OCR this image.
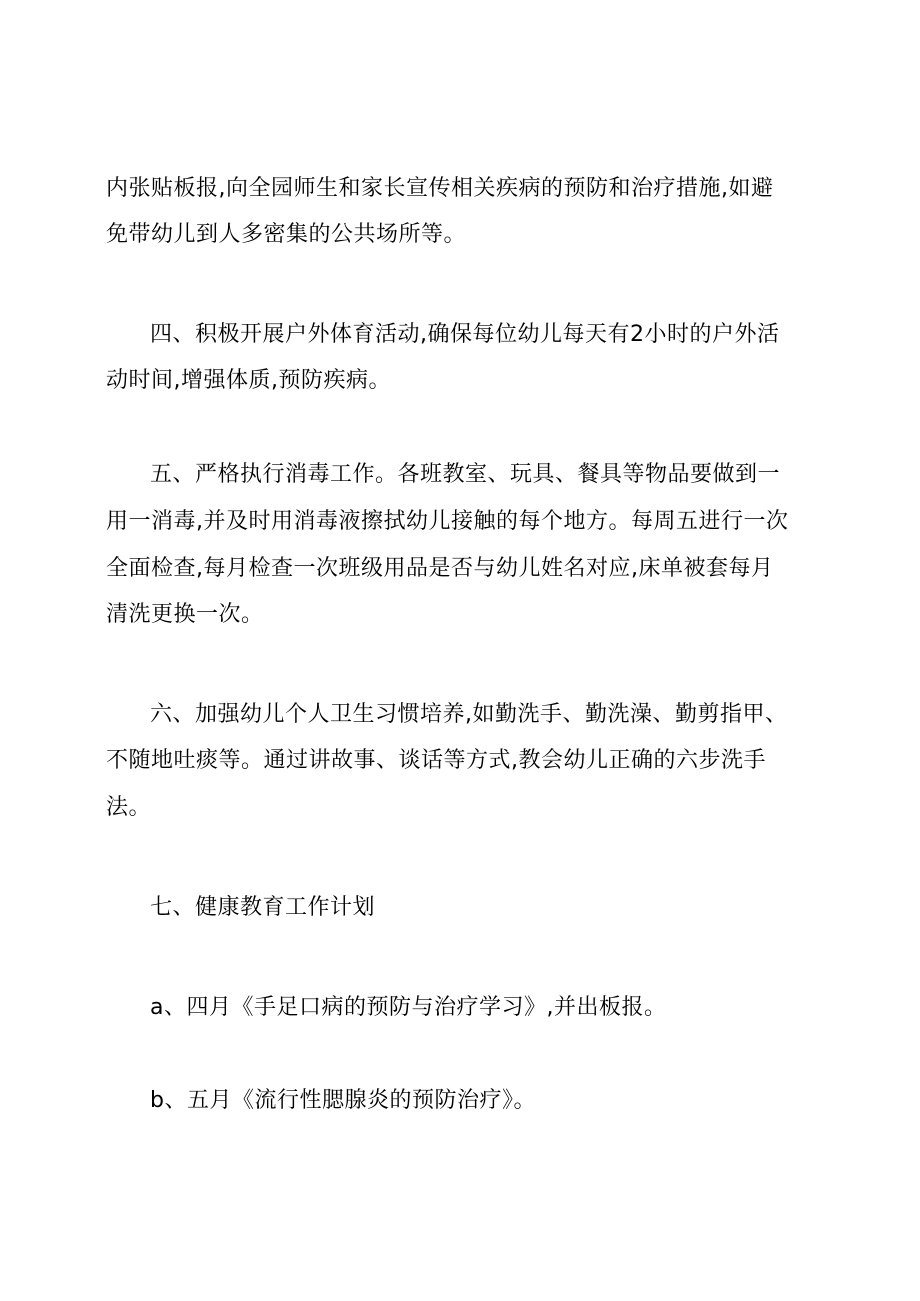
内张贴板报,向全园师生和家长宣传相关疾病的预防和治疗措施,如避
免带幼儿到人多密集的公共场所等。
四、积极开展户外体育活动,确保每位幼儿每天有2小时的户外活
动时间,增强体质,预防疾病。
五、严格执行消毒工作。各班教室、玩具、餐具等物品要做到一
用一消毒,并及时用消毒液擦拭幼儿接触的每个地方。每周五进行一次
全面检查,每月检查一次班级用品是否与幼儿姓名对应,床单被套每月
清洗更换一次。
六、加强幼儿个人卫生习惯培养,如勤洗手、勤洗澡、勤剪指甲、
不随地吐痰等。通过讲故事、谈话等方式,教会幼儿正确的六步洗手
法。
七、健康教育工作计划
a、四月《手足口病的预防与治疗学习》,并出板报。
b、五月《流行性腮腺炎的预防治疗》。
